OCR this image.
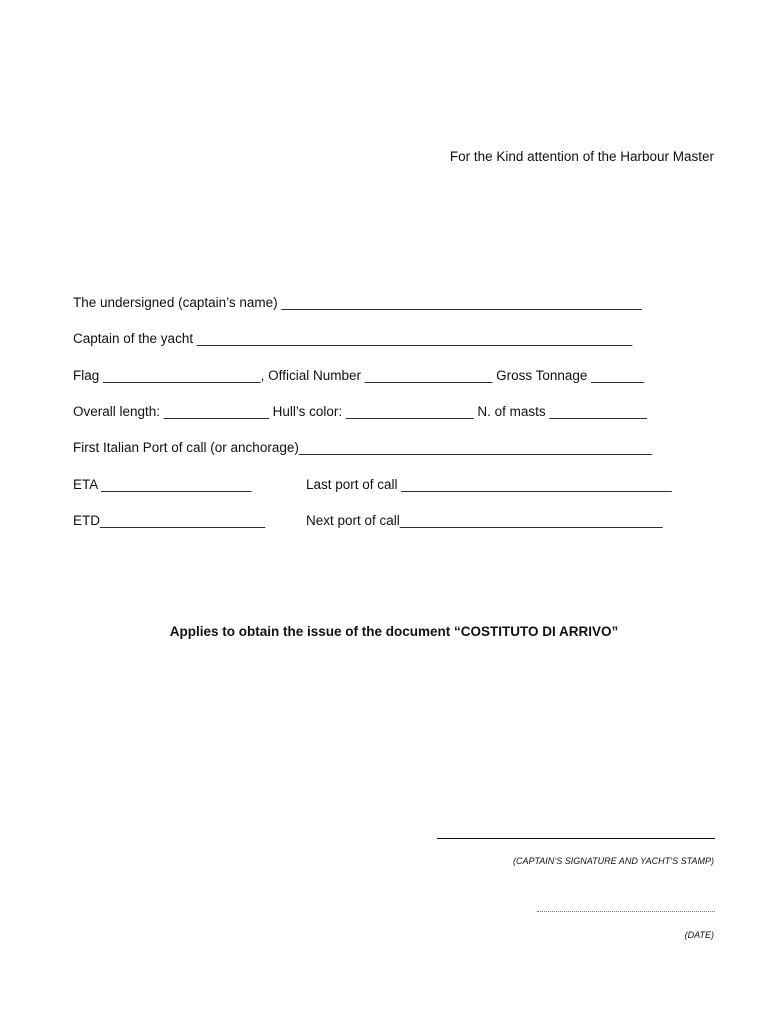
For the Kind attention of the Harbour Master
The undersigned (captain’s name) ________________________________________________
Captain of the yacht __________________________________________________________
Flag _____________________, Official Number _________________ Gross Tonnage _______
Overall length: ______________ Hull’s color: _________________ N. of masts _____________
First Italian Port of call (or anchorage)_______________________________________________
ETA ____________________	Last port of call ____________________________________
ETD______________________	Next port of call___________________________________
Applies to obtain the issue of the document “COSTITUTO DI ARRIVO”
(CAPTAIN’S SIGNATURE AND YACHT’S STAMP)
(DATE)
